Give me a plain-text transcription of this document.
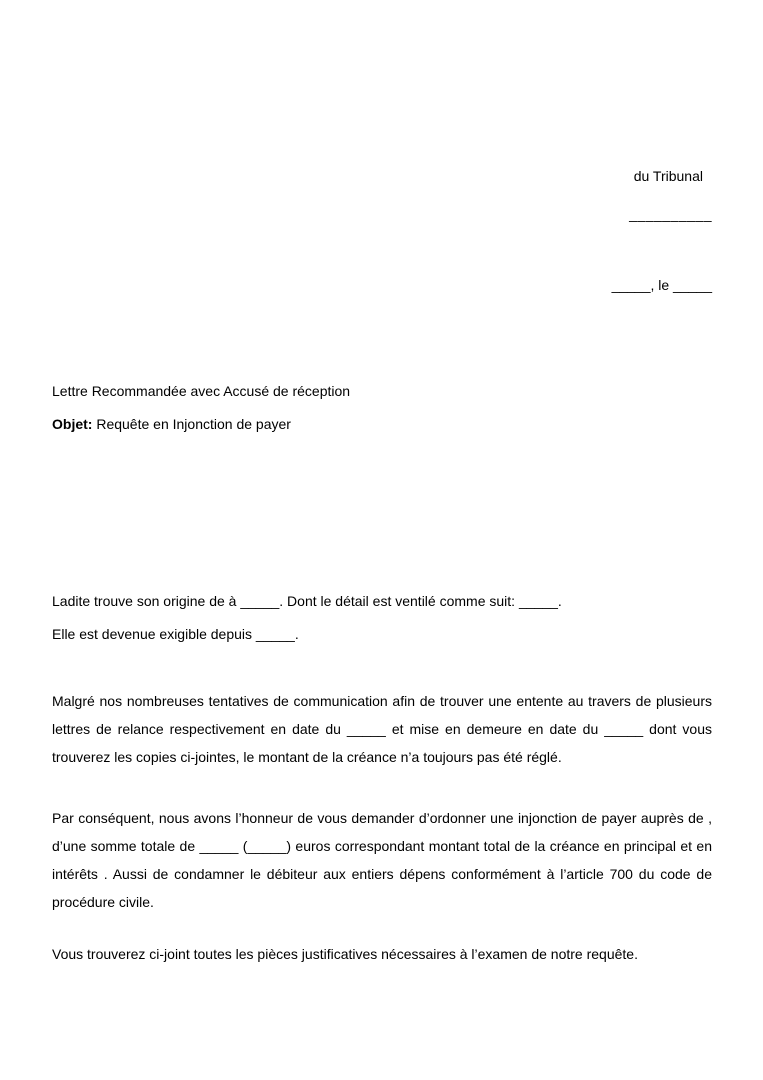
du Tribunal
__________
_____, le _____
Lettre Recommandée avec Accusé de réception
Objet: Requête en Injonction de payer

Ladite trouve son origine de à _____. Dont le détail est ventilé comme suit: _____.

Elle est devenue exigible depuis _____.

Malgré nos nombreuses tentatives de communication afin de trouver une entente au travers de plusieurs lettres de relance respectivement en date du _____ et mise en demeure en date du _____ dont vous trouverez les copies ci-jointes, le montant de la créance n’a toujours pas été réglé.

Par conséquent, nous avons l’honneur de vous demander d’ordonner une injonction de payer auprès de , d’une somme totale de _____ (_____) euros correspondant montant total de la créance en principal et en intérêts . Aussi de condamner le débiteur aux entiers dépens conformément à l’article 700 du code de procédure civile.

Vous trouverez ci-joint toutes les pièces justificatives nécessaires à l’examen de notre requête.
